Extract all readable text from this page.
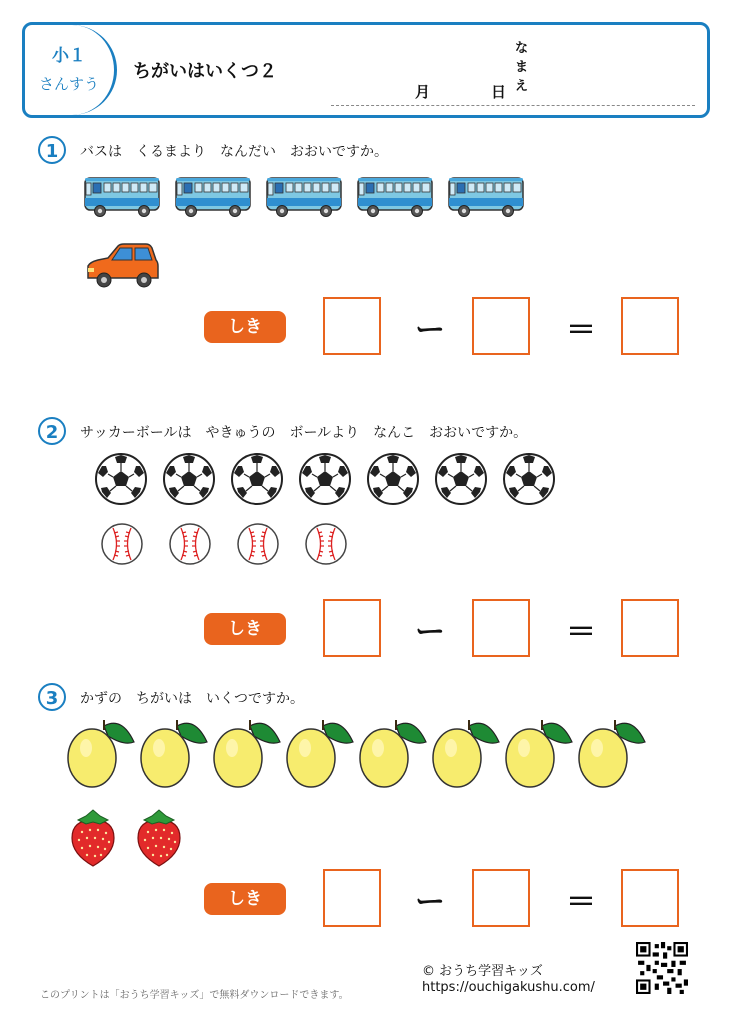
小１
さんすう
ちがいはいくつ２
月	日
なまえ
1	バスは　くるまより　なんだい　おおいですか。
しき	ー	＝
2	サッカーボールは　やきゅうの　ボールより　なんこ　おおいですか。
しき	ー	＝
3	かずの　ちがいは　いくつですか。
しき	ー	＝
このプリントは「おうち学習キッズ」で無料ダウンロードできます。
© おうち学習キッズ
https://ouchigakushu.com/
